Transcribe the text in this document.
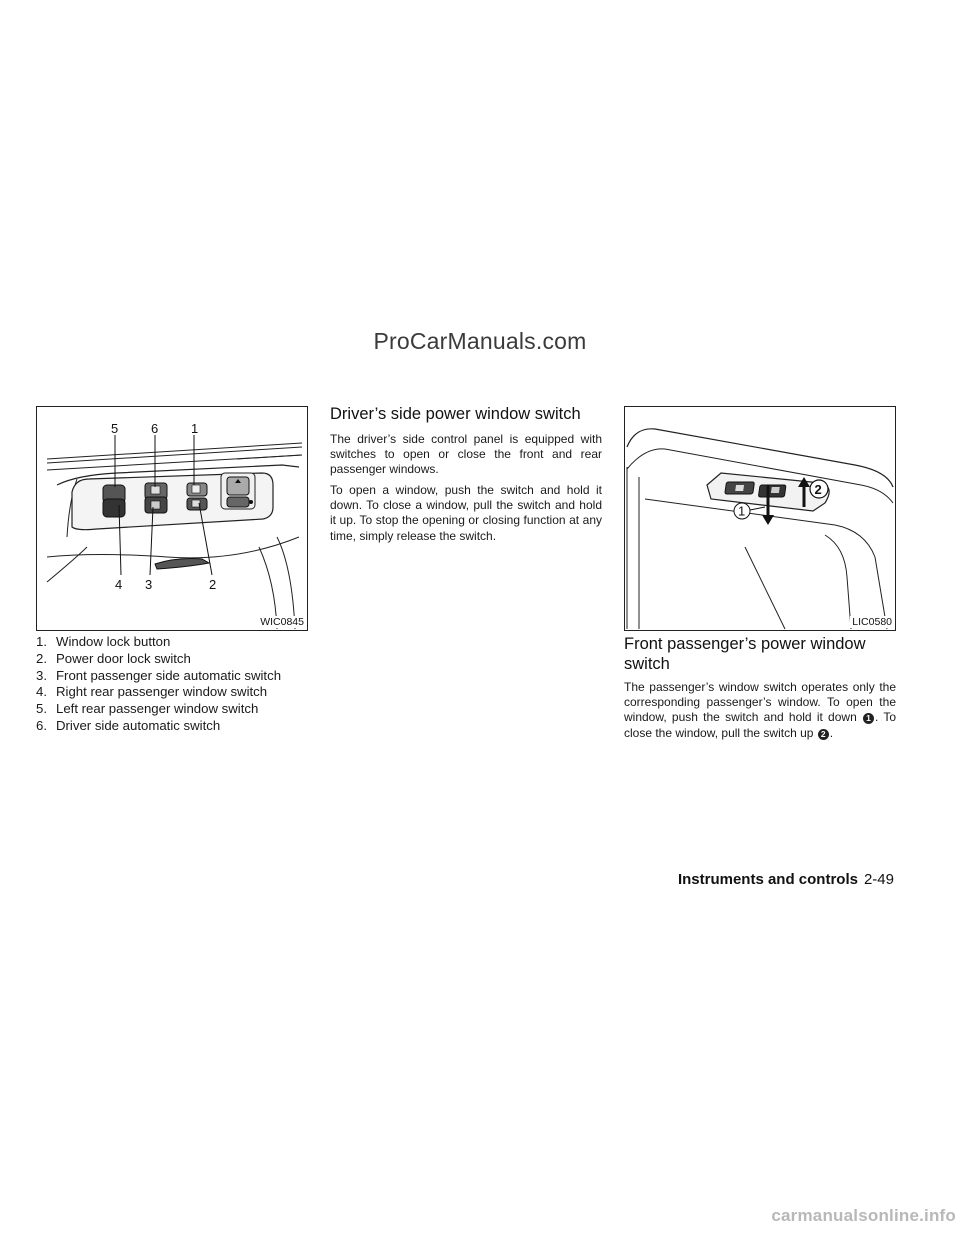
ProCarManuals.com
5	6	1
4 3	2
WIC0845
1. Window lock button
2. Power door lock switch
3. Front passenger side automatic switch
4. Right rear passenger window switch
5. Left rear passenger window switch
6. Driver side automatic switch
Driver’s side power window switch

The driver’s side control panel is equipped with switches to open or close the front and rear passenger windows.

To open a window, push the switch and hold it down. To close a window, pull the switch and hold it up. To stop the opening or closing function at any time, simply release the switch.

1
2
LIC0580
Front passenger’s power window switch

The passenger’s window switch operates only the corresponding passenger’s window. To open the window, push the switch and hold it down 1 . To close the window, pull the switch up 2 .

Instruments and controls 2-49
carmanualsonline.info
